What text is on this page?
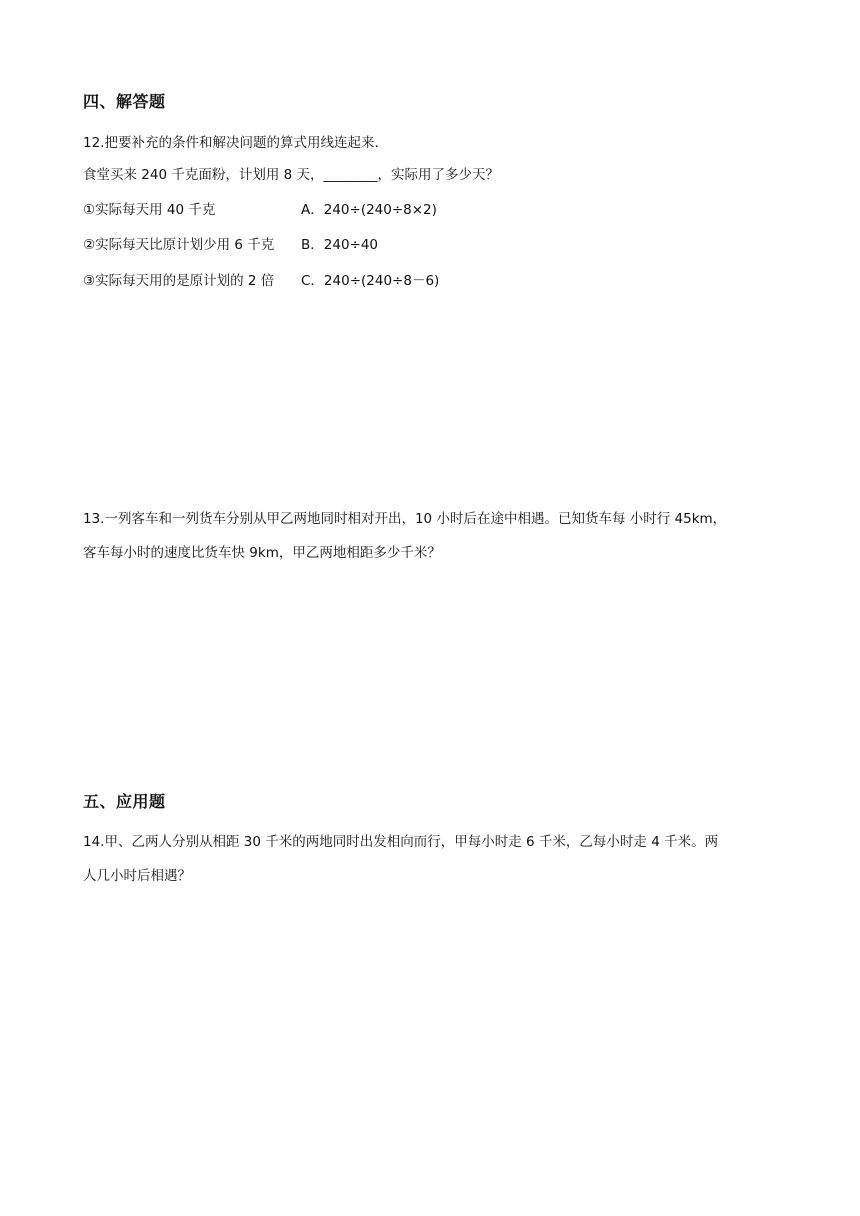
四、解答题
12.把要补充的条件和解决问题的算式用线连起来.
食堂买来 240 千克面粉，计划用 8 天，________，实际用了多少天？
①实际每天用 40 千克
②实际每天比原计划少用 6 千克
③实际每天用的是原计划的 2 倍
A．240÷(240÷8×2)
B．240÷40
C．240÷(240÷8－6)
13.一列客车和一列货车分别从甲乙两地同时相对开出，10 小时后在途中相遇。已知货车每 小时行 45km，
客车每小时的速度比货车快 9km，甲乙两地相距多少千米？
五、应用题
14.甲、乙两人分别从相距 30 千米的两地同时出发相向而行，甲每小时走 6 千米，乙每小时走 4 千米。两
人几小时后相遇？
